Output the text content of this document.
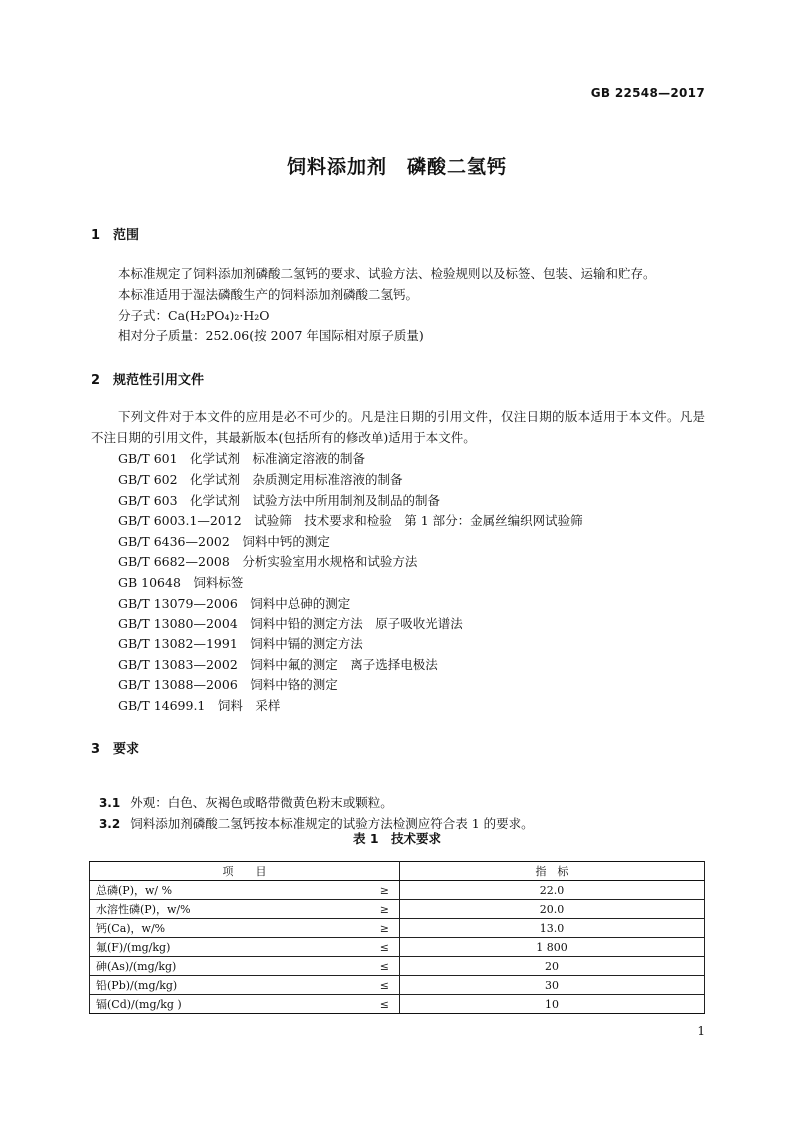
GB 22548—2017
饲料添加剂　磷酸二氢钙
1　范围
本标准规定了饲料添加剂磷酸二氢钙的要求、试验方法、检验规则以及标签、包装、运输和贮存。
本标准适用于湿法磷酸生产的饲料添加剂磷酸二氢钙。
分子式：Ca(H₂PO₄)₂·H₂O
相对分子质量：252.06(按 2007 年国际相对原子质量)
2　规范性引用文件
下列文件对于本文件的应用是必不可少的。凡是注日期的引用文件，仅注日期的版本适用于本文件。凡是不注日期的引用文件，其最新版本(包括所有的修改单)适用于本文件。
GB/T 601　化学试剂　标准滴定溶液的制备
GB/T 602　化学试剂　杂质测定用标准溶液的制备
GB/T 603　化学试剂　试验方法中所用制剂及制品的制备
GB/T 6003.1—2012　试验筛　技术要求和检验　第 1 部分：金属丝编织网试验筛
GB/T 6436—2002　饲料中钙的测定
GB/T 6682—2008　分析实验室用水规格和试验方法
GB 10648　饲料标签
GB/T 13079—2006　饲料中总砷的测定
GB/T 13080—2004　饲料中铅的测定方法　原子吸收光谱法
GB/T 13082—1991　饲料中镉的测定方法
GB/T 13083—2002　饲料中氟的测定　离子选择电极法
GB/T 13088—2006　饲料中铬的测定
GB/T 14699.1　饲料　采样
3　要求

3.1 外观：白色、灰褐色或略带微黄色粉末或颗粒。

3.2 饲料添加剂磷酸二氢钙按本标准规定的试验方法检测应符合表 1 的要求。

表 1　技术要求
项　　目		指　标
总磷(P)，w/ %	≥	22.0
水溶性磷(P)，w/%	≥	20.0
钙(Ca)，w/%	≥	13.0
氟(F)/(mg/kg)	≤	1 800
砷(As)/(mg/kg)	≤	20
铅(Pb)/(mg/kg)	≤	30
镉(Cd)/(mg/kg )	≤	10
1
